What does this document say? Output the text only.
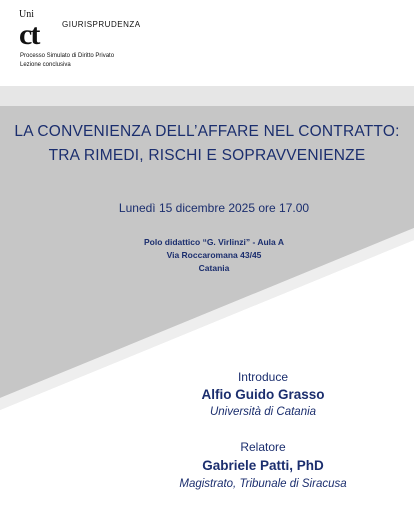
Uni
ct	GIURISPRUDENZA
Processo Simulato di Diritto Privato
Lezione conclusiva
LA CONVENIENZA DELL’AFFARE NEL CONTRATTO:
TRA RIMEDI, RISCHI E SOPRAVVENIENZE
Lunedì 15 dicembre 2025 ore 17.00
Polo didattico “G. Virlinzi” - Aula A
Via Roccaromana 43/45
Catania
Introduce
Alfio Guido Grasso
Università di Catania
Relatore
Gabriele Patti, PhD
Magistrato, Tribunale di Siracusa
